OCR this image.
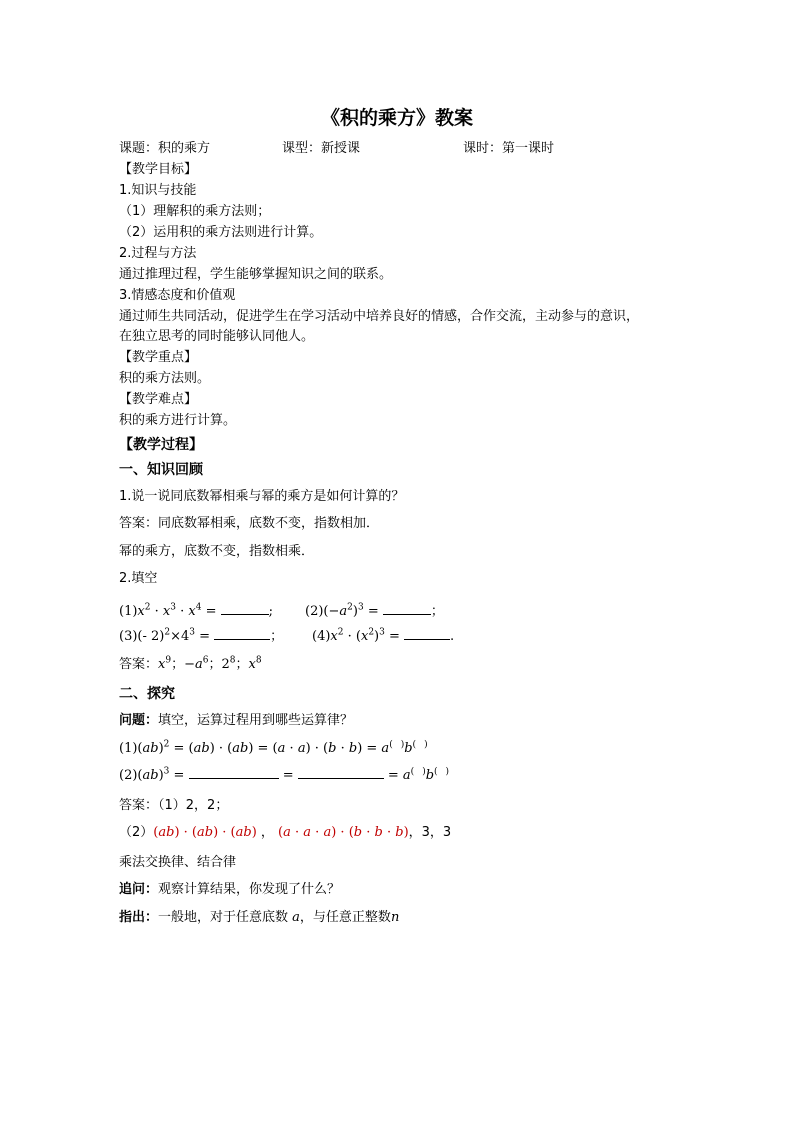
《积的乘方》教案
课题：积的乘方	课型：新授课	课时：第一课时
【教学目标】
1.知识与技能
（1）理解积的乘方法则；
（2）运用积的乘方法则进行计算。
2.过程与方法
通过推理过程，学生能够掌握知识之间的联系。
3.情感态度和价值观
通过师生共同活动，促进学生在学习活动中培养良好的情感，合作交流，主动参与的意识，
在独立思考的同时能够认同他人。
【教学重点】
积的乘方法则。
【教学难点】
积的乘方进行计算。
【教学过程】
一、知识回顾
1.说一说同底数幂相乘与幂的乘方是如何计算的？
答案：同底数幂相乘，底数不变，指数相加．
幂的乘方，底数不变，指数相乘．
2.填空
$(1)x^2 \cdot x^3 \cdot x^4$ =	; $(2)(-a^2)^3$ =	；
(3)(‑ $2)^2\times 4^3$ =	； $(4)x^2 \cdot (x^2)^3$ =	.
答案：$x^9$；$-a^6$；$2^8$；$x^8$
二、探究
问题：填空，运算过程用到哪些运算律？
(1)(ab)$^2$ = (ab) · (ab) = (a · a) · (b · b) = a( )b( )
(2)(ab)$^3$ =	=	= a( )b( )
答案：（1）2，2；
（2）(ab) · (ab) · (ab) ， (a · a · a) · (b · b · b)，3，3
乘法交换律、结合律
追问：观察计算结果，你发现了什么？
指出：一般地，对于任意底数 a，与任意正整数n
